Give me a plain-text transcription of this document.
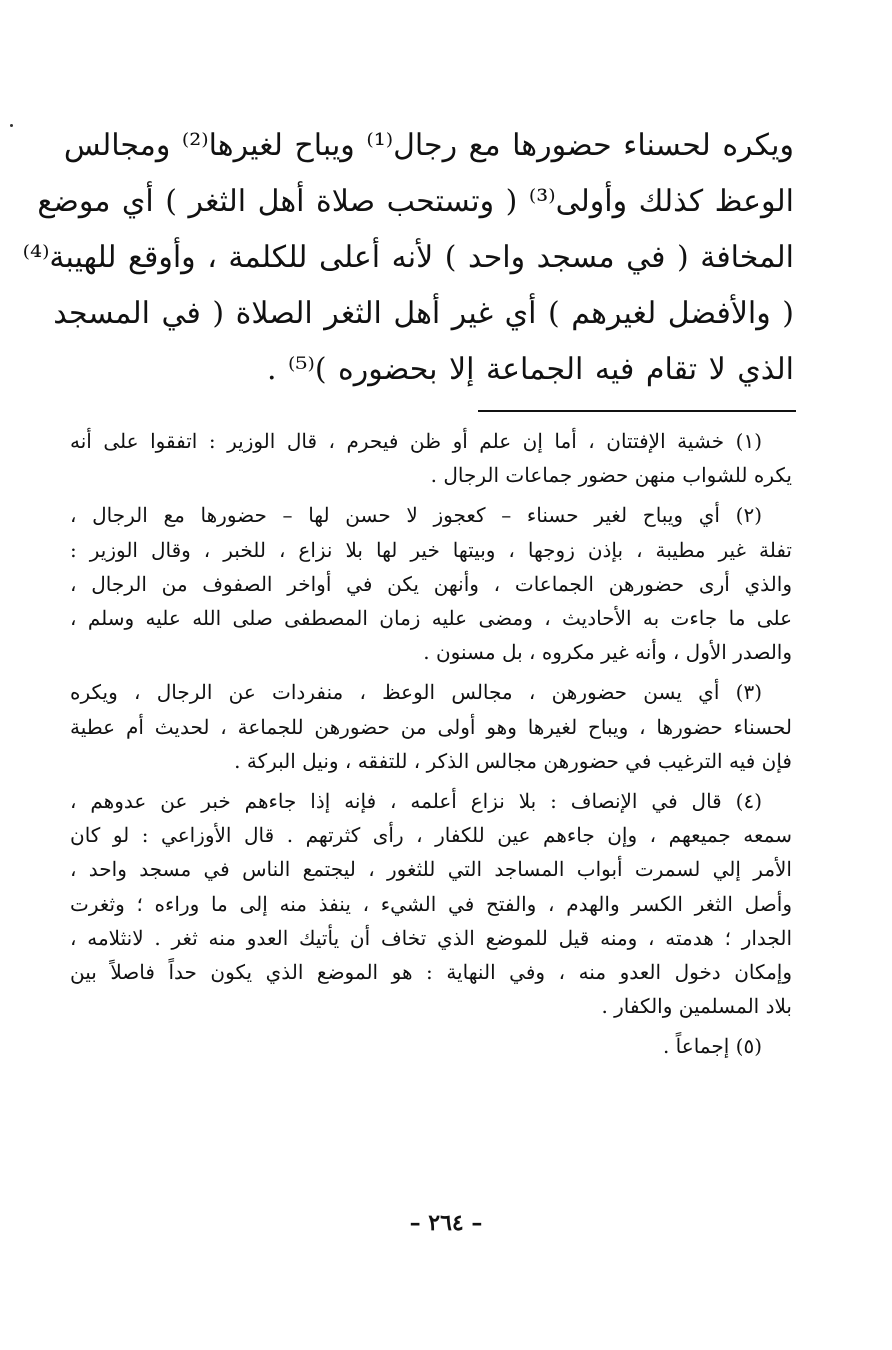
ويكره لحسناء حضورها مع رجال⁽¹⁾ ويباح لغيرها⁽²⁾ ومجالس
الوعظ كذلك وأولى⁽³⁾ ( وتستحب صلاة أهل الثغر ) أي موضع
المخافة ( في مسجد واحد ) لأنه أعلى للكلمة ، وأوقع للهيبة⁽⁴⁾
( والأفضل لغيرهم ) أي غير أهل الثغر الصلاة ( في المسجد
الذي لا تقام فيه الجماعة إلا بحضوره )⁽⁵⁾ .

(١) خشية الإفتتان ، أما إن علم أو ظن فيحرم ، قال الوزير : اتفقوا على أنه
يكره للشواب منهن حضور جماعات الرجال .
(٢) أي ويباح لغير حسناء – كعجوز لا حسن لها – حضورها مع الرجال ،
تفلة غير مطيبة ، بإذن زوجها ، وبيتها خير لها بلا نزاع ، للخبر ، وقال الوزير :
والذي أرى حضورهن الجماعات ، وأنهن يكن في أواخر الصفوف من الرجال ،
على ما جاءت به الأحاديث ، ومضى عليه زمان المصطفى صلى الله عليه وسلم ،
والصدر الأول ، وأنه غير مكروه ، بل مسنون .
(٣) أي يسن حضورهن ، مجالس الوعظ ، منفردات عن الرجال ، ويكره
لحسناء حضورها ، ويباح لغيرها وهو أولى من حضورهن للجماعة ، لحديث أم عطية
فإن فيه الترغيب في حضورهن مجالس الذكر ، للتفقه ، ونيل البركة .
(٤) قال في الإنصاف : بلا نزاع أعلمه ، فإنه إذا جاءهم خبر عن عدوهم ،
سمعه جميعهم ، وإن جاءهم عين للكفار ، رأى كثرتهم . قال الأوزاعي : لو كان
الأمر إلي لسمرت أبواب المساجد التي للثغور ، ليجتمع الناس في مسجد واحد ،
وأصل الثغر الكسر والهدم ، والفتح في الشيء ، ينفذ منه إلى ما وراءه ؛ وثغرت
الجدار ؛ هدمته ، ومنه قيل للموضع الذي تخاف أن يأتيك العدو منه ثغر . لانثلامه ،
وإمكان دخول العدو منه ، وفي النهاية : هو الموضع الذي يكون حداً فاصلاً بين
بلاد المسلمين والكفار .
(٥) إجماعاً .
– ٢٦٤ –
